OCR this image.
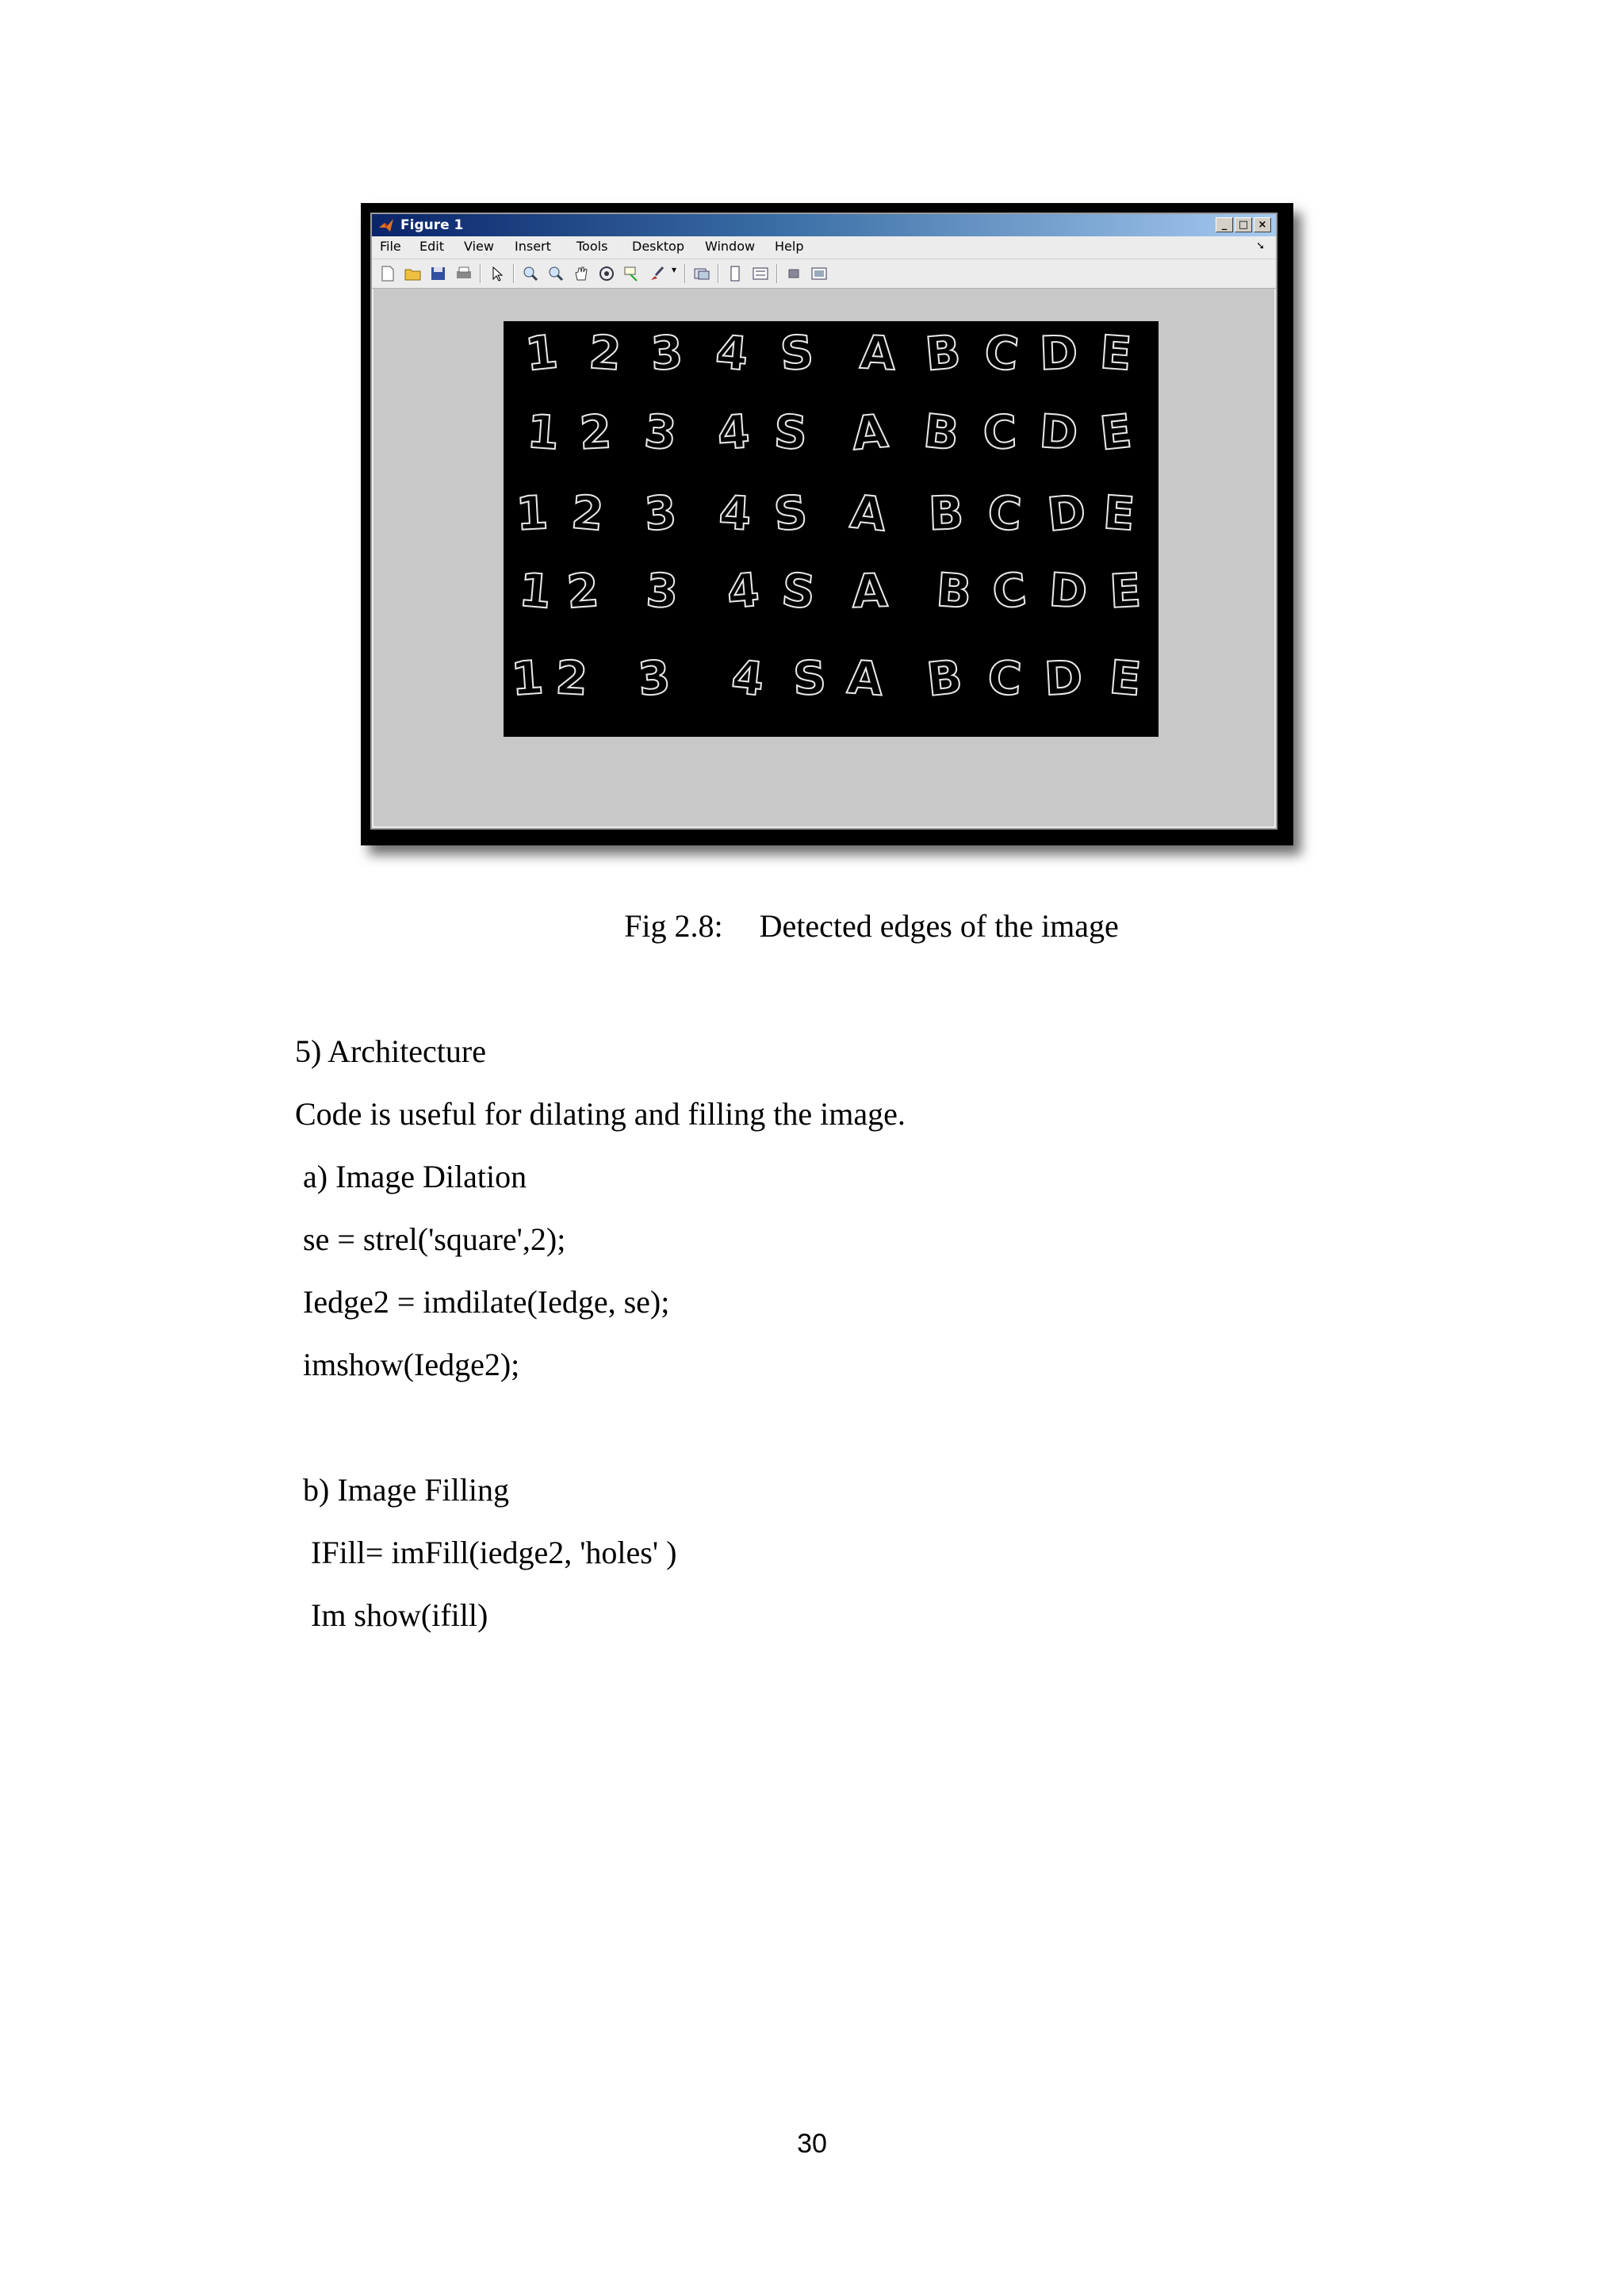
Figure 1	_	□ ×
File Edit View Insert Tools Desktop Window Help	➘
▾
1 2 3 4 S A B C D E
1 2 3 4 S A B C D E
1 2 3 4 S A B C D E
1 2 3 4 S A B C D E
1 2 3 4 S A B C D E
Fig 2.8: Detected edges of the image
5) Architecture
Code is useful for dilating and filling the image.
a) Image Dilation
se = strel('square',2);
Iedge2 = imdilate(Iedge, se);
imshow(Iedge2);
b) Image Filling
IFill= imFill(iedge2, 'holes' )
Im show(ifill)
30
